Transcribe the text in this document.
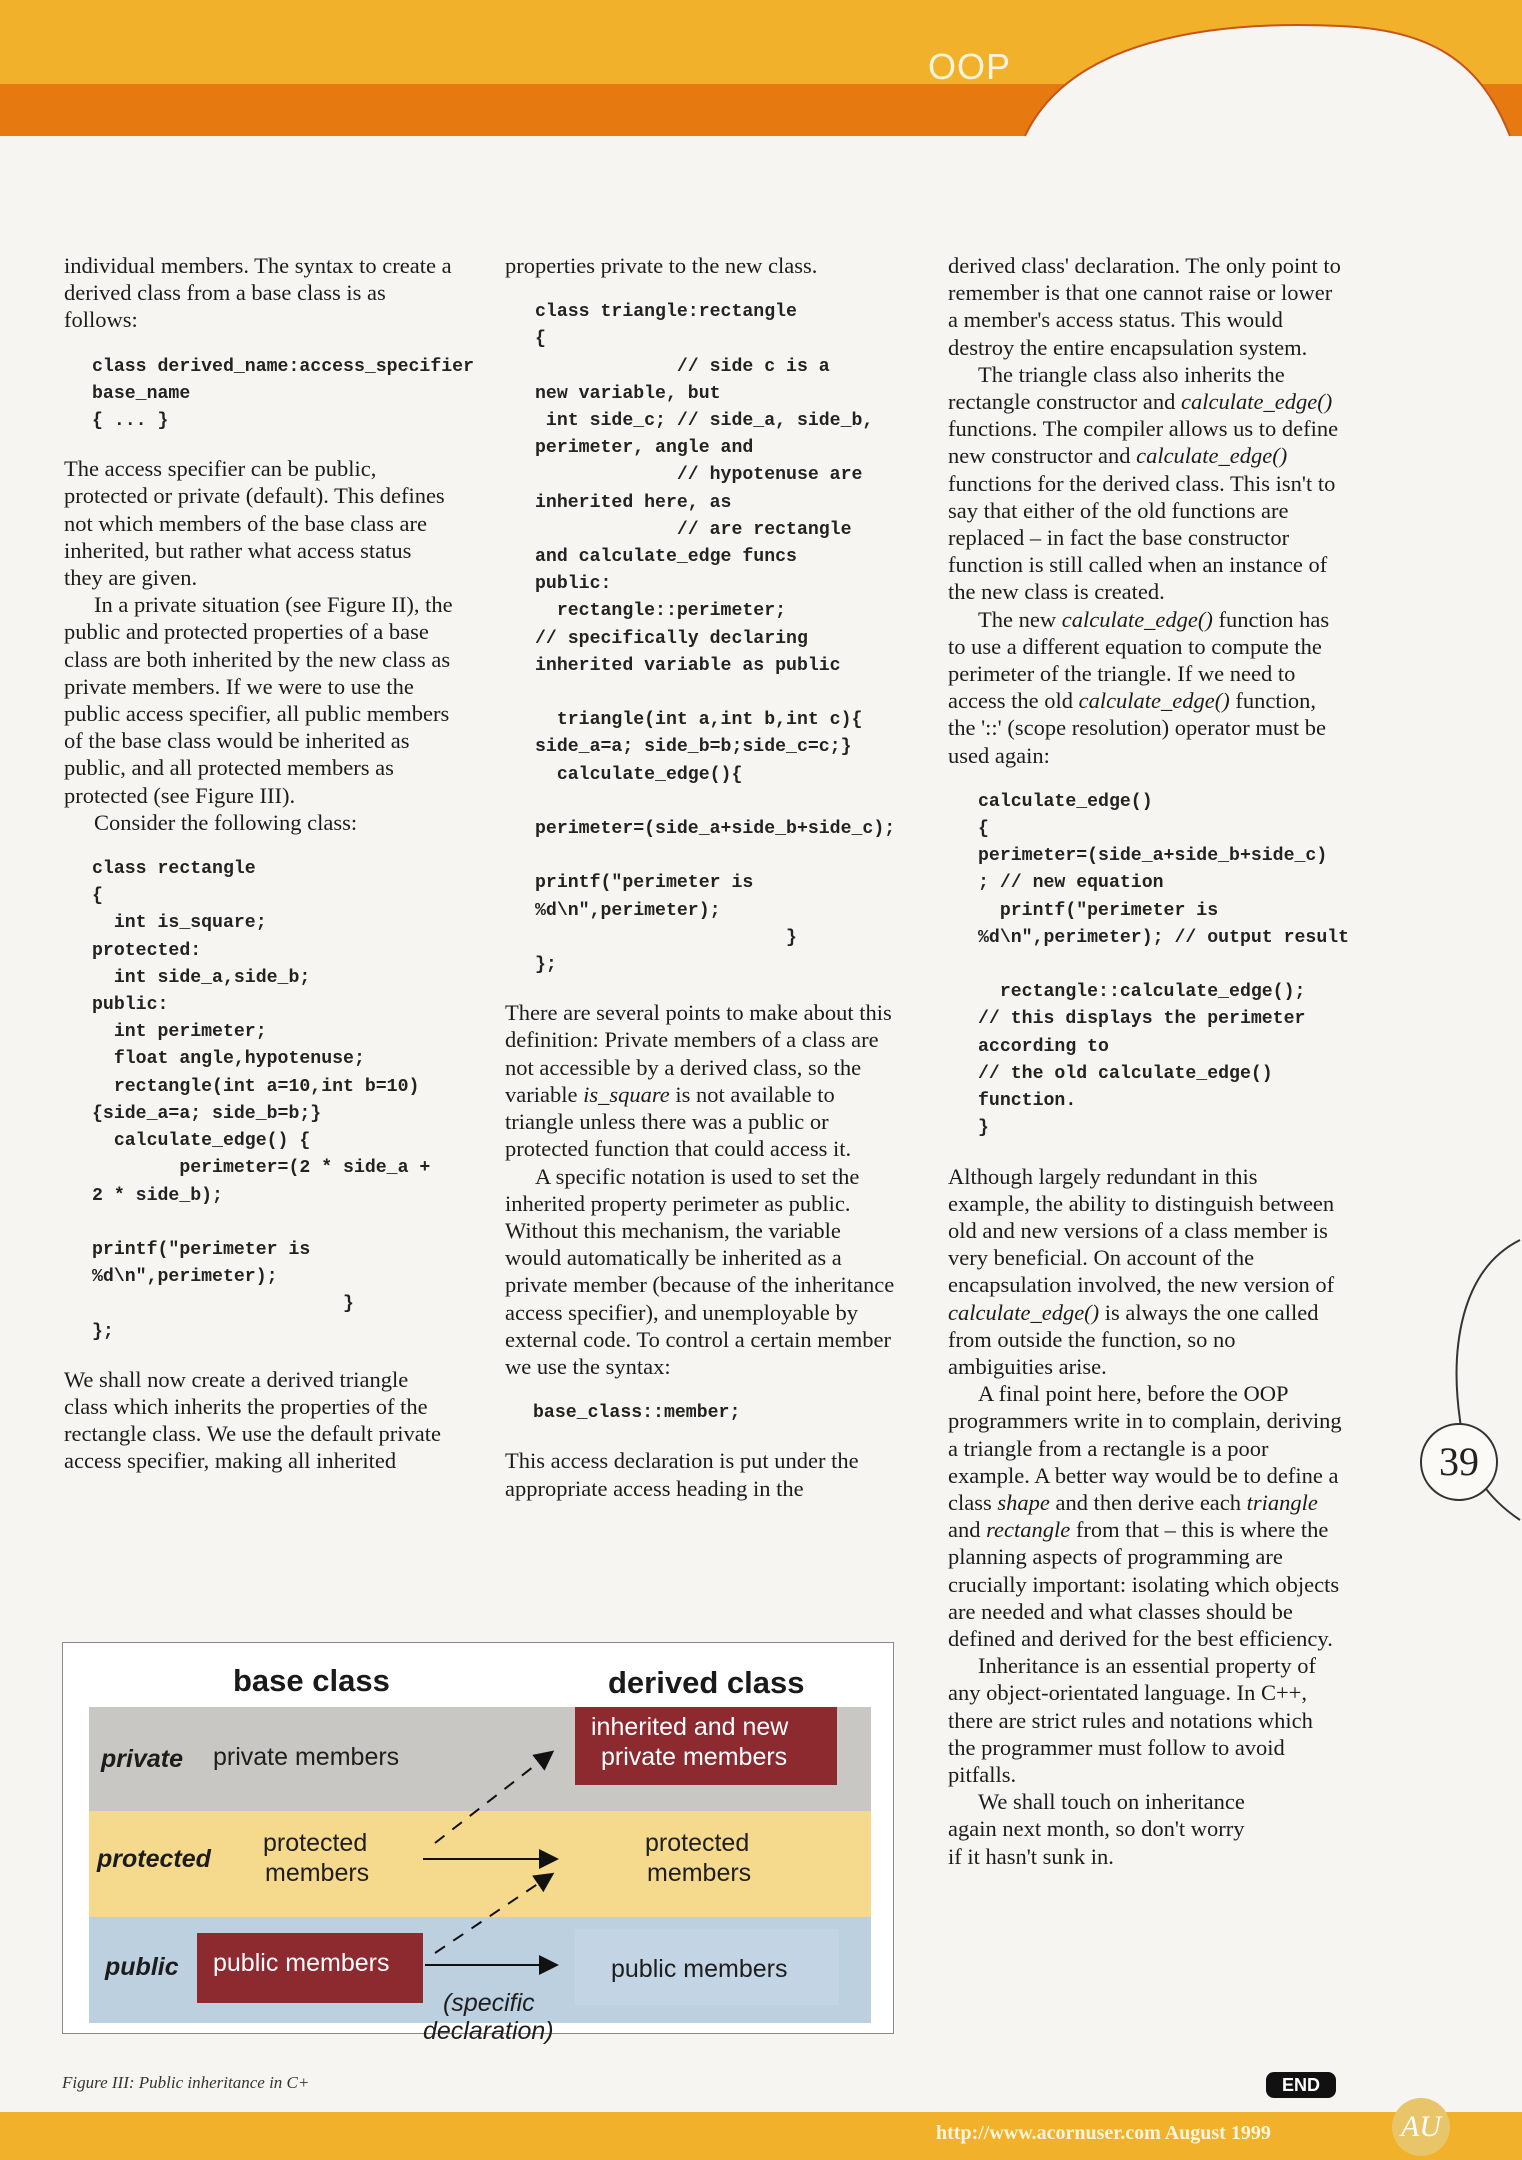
OOP

individual members. The syntax to create a derived class from a base class is as follows:

class derived_name:access_specifier
base_name
{ ... }

The access specifier can be public, protected or private (default). This defines not which members of the base class are inherited, but rather what access status they are given.

In a private situation (see Figure II), the public and protected properties of a base class are both inherited by the new class as private members. If we were to use the public access specifier, all public members of the base class would be inherited as public, and all protected members as protected (see Figure III).

Consider the following class:

class rectangle
{
int is_square;
protected:
int side_a,side_b;
public:
int perimeter;
float angle,hypotenuse;
rectangle(int a=10,int b=10)
{side_a=a; side_b=b;}
calculate_edge() {
perimeter=(2 * side_a +
2 * side_b);

printf("perimeter is
%d\n",perimeter);
}
};

We shall now create a derived triangle class which inherits the properties of the rectangle class. We use the default private access specifier, making all inherited

properties private to the new class.

class triangle:rectangle
{
// side c is a
new variable, but
int side_c; // side_a, side_b,
perimeter, angle and
// hypotenuse are
inherited here, as
// are rectangle
and calculate_edge funcs
public:
rectangle::perimeter;
// specifically declaring
inherited variable as public

triangle(int a,int b,int c){
side_a=a; side_b=b;side_c=c;}
calculate_edge(){

perimeter=(side_a+side_b+side_c);

printf("perimeter is
%d\n",perimeter);
}
};

There are several points to make about this definition: Private members of a class are not accessible by a derived class, so the variable is_square is not available to triangle unless there was a public or protected function that could access it.

A specific notation is used to set the inherited property perimeter as public. Without this mechanism, the variable would automatically be inherited as a private member (because of the inheritance access specifier), and unemployable by external code. To control a certain member we use the syntax:

base_class::member;

This access declaration is put under the appropriate access heading in the

derived class' declaration. The only point to remember is that one cannot raise or lower a member's access status. This would destroy the entire encapsulation system.

The triangle class also inherits the rectangle constructor and calculate_edge() functions. The compiler allows us to define new constructor and calculate_edge() functions for the derived class. This isn't to say that either of the old functions are replaced – in fact the base constructor function is still called when an instance of the new class is created.

The new calculate_edge() function has to use a different equation to compute the perimeter of the triangle. If we need to access the old calculate_edge() function, the '::' (scope resolution) operator must be used again:

calculate_edge()
{
perimeter=(side_a+side_b+side_c)
; // new equation
printf("perimeter is
%d\n",perimeter); // output result

rectangle::calculate_edge();
// this displays the perimeter
according to
// the old calculate_edge()
function.
}

Although largely redundant in this example, the ability to distinguish between old and new versions of a class member is very beneficial. On account of the encapsulation involved, the new version of calculate_edge() is always the one called from outside the function, so no ambiguities arise.

A final point here, before the OOP programmers write in to complain, deriving a triangle from a rectangle is a poor example. A better way would be to define a class shape and then derive each triangle and rectangle from that – this is where the planning aspects of programming are crucially important: isolating which objects are needed and what classes should be defined and derived for the best efficiency.

Inheritance is an essential property of any object-orientated language. In C++, there are strict rules and notations which the programmer must follow to avoid pitfalls.

We shall touch on inheritance again next month, so don't worry if it hasn't sunk in.

END
base class	derived class
private
protected
public
private members
protected
members
public members
inherited and new
private members
protected
members
public members
(specific
declaration)
Figure III: Public inheritance in C+
39
http://www.acornuser.com August 1999	AU
